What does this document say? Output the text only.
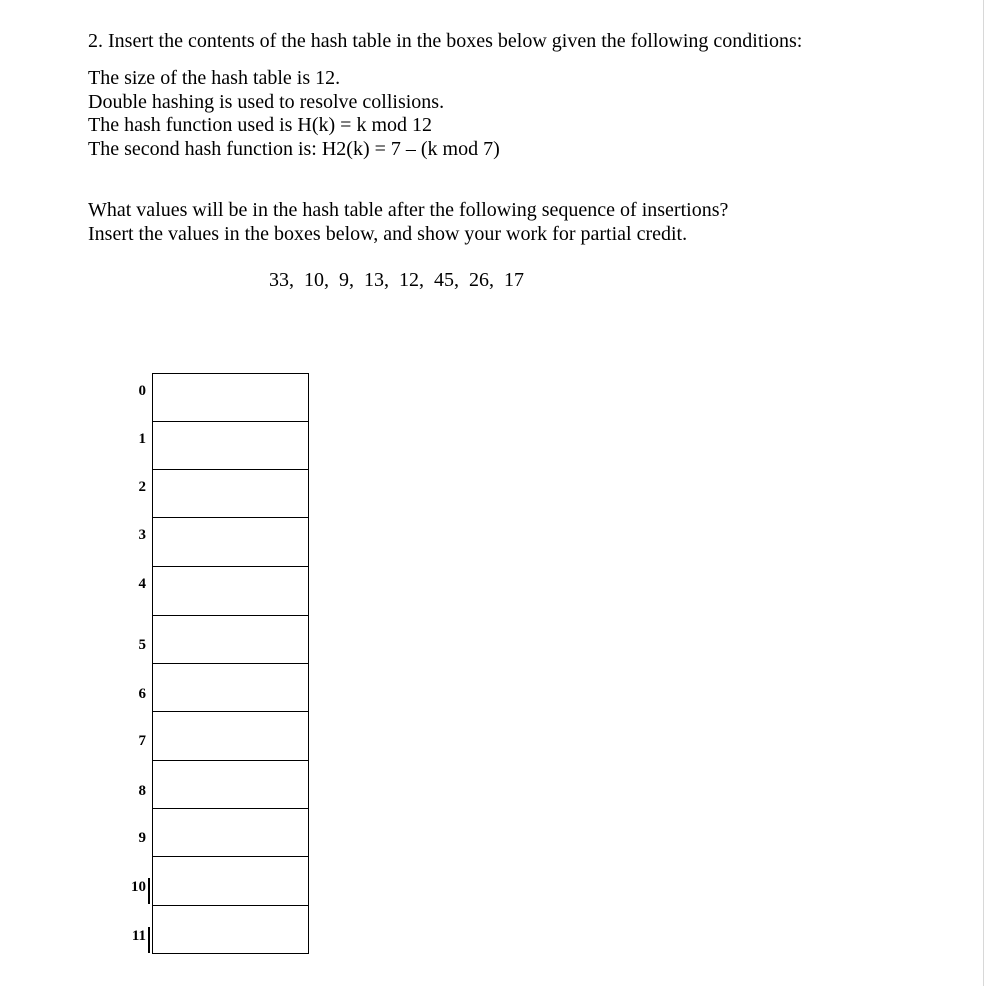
2. Insert the contents of the hash table in the boxes below given the following conditions:
The size of the hash table is 12.
Double hashing is used to resolve collisions.
The hash function used is H(k) = k mod 12
The second hash function is: H2(k) = 7 – (k mod 7)
What values will be in the hash table after the following sequence of insertions?
Insert the values in the boxes below, and show your work for partial credit.
33,  10,  9,  13,  12,  45,  26,  17
0
1
2
3
4
5
6
7
8
9
10
11
